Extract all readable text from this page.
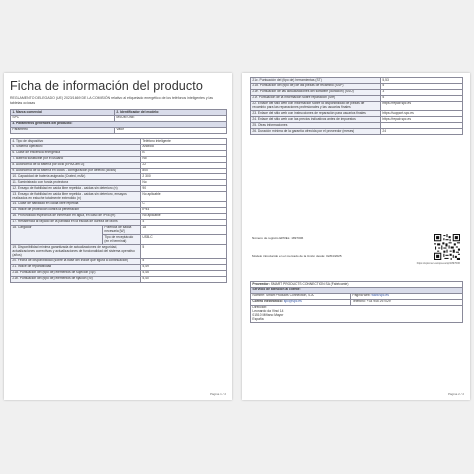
Ficha de información del producto
REGLAMENTO DELEGADO (UE) 2023/1669 DE LA COMISIÓN relativo al etiquetado energético de los teléfonos inteligentes y las tabletas ociosas
1. Marca comercial	2. Identificador del modelo:
SPC	MSUM ONE
3. Parámetros generales del producto:	
Parámetro	Valor
4. Tipo de dispositivo		Teléfono inteligente
5. Sistema operativo		Android
6. Clase de eficiencia energética		B
7. Batería sustituible por el usuario		No
8. Autonomía de la batería por ciclo [EPA/Lam Lt]		22
9. Autonomía de la batería en ciclos - configuración por defecto (ciclos)		800
10. Capacidad de batería asignada (Crated, mAh)		2 300
11. Suministrado con funda protectora		No
12. Ensayo de fiabilidad en caída libre repetida - caídas sin deterioro (n)		90
13. Ensayo de fiabilidad en caída libre repetida - caídas sin deterioro, ensayos realizados en estuche totalmente extendido (n)		No aplicable
14. Clase de fiabilidad en caída libre repetida		C
15. Índice de protección contra la penetración		IP44
16. Profundidad específica de inmersión en agua, en caso de IPx8 (m)		No aplicable
17. Resistencia al rayado de la pantalla en la escala de dureza de Mohs		4
18. Cargador	Potencia de salida necesaria [W]	18
	Tipo de receptáculo (en el terminal)	USB-C
19. Disponibilidad mínima garantizada de actualizaciones de seguridad, actualizaciones correctivas y actualizaciones de funcionalidad del sistema operativo (años)		5
20. Fecha de disponibilidad (sobre la base del índice que figura a continuación)		5
21. Índice de reparabilidad		5,49
21a. Puntuación del (tipo de) elementos de sujeción (Sp)		5,45
21b. Puntuación del (tipo de) elementos de fijación (Sf)		5,40
Página 1 / 2
21c. Puntuación del (tipo de) herramientas (ST)	5,53
21d. Puntuación del (tipo de) de las piezas de recambio (SSP)	5
21e. Puntuación de las actualizaciones del software (duración) (SSU)	3
21f. Puntuación de la información sobre reparación (Sre)	5
22. Enlace del sitio web con información sobre la disponibilidad de piezas de recambio para las reparaciones profesionales y las usuarios finales	https://repair.spc.es
23. Enlace del sitio web con instrucciones de reparación para usuarios finales	https://support.spc.es
24. Enlace del sitio web con las precios indicativos antes de impuestos	https://repair.spc.es
25. Otras informaciones	
26. Duración mínima de la garantía ofrecida por el proveedor (meses)	24
Número de registro EPREL: 1897006
Modelo introducido en el mercado de la Unión desde: 02/04/2025
https://eprel.ec.europa.eu/qr/1897006
Proveedor: SMART PRODUCTS CONNECTION SA (Fabricante)	
Servicio de atención al cliente:	
Nombre: Smart Products Connection, S.A.	Página web: www.spc.es
Correo electrónico: spc@spc.es	Teléfono: +34 945 297029

Dirección:
Leonardo da Vinci 14
01510 Miñano Mayor
España	
Página 2 / 2
